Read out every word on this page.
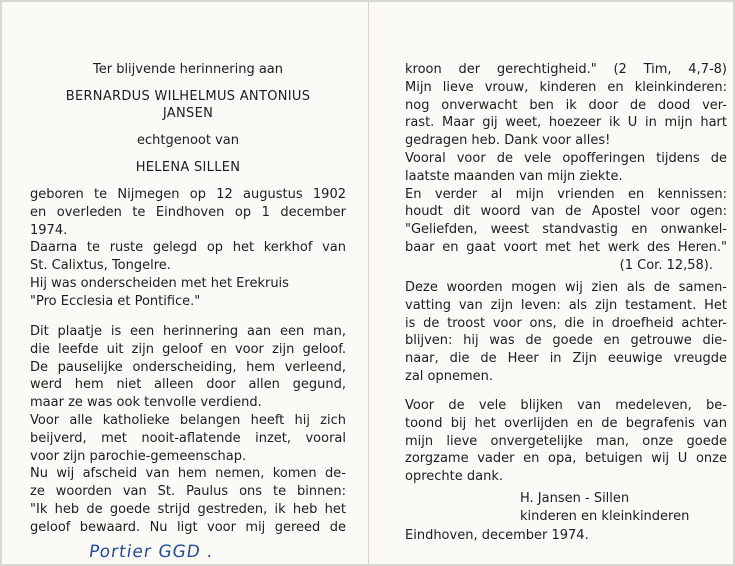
Ter blijvende herinnering aan
BERNARDUS WILHELMUS ANTONIUS
JANSEN
echtgenoot van
HELENA SILLEN
geboren te Nijmegen op 12 augustus 1902
en overleden te Eindhoven op 1 december
1974.
Daarna te ruste gelegd op het kerkhof van
St. Calixtus, Tongelre.
Hij was onderscheiden met het Erekruis
"Pro Ecclesia et Pontifice."
Dit plaatje is een herinnering aan een man,
die leefde uit zijn geloof en voor zijn geloof.
De pauselijke onderscheiding, hem verleend,
werd hem niet alleen door allen gegund,
maar ze was ook tenvolle verdiend.
Voor alle katholieke belangen heeft hij zich
beijverd, met nooit-aflatende inzet, vooral
voor zijn parochie-gemeenschap.
Nu wij afscheid van hem nemen, komen de-
ze woorden van St. Paulus ons te binnen:
"Ik heb de goede strijd gestreden, ik heb het
geloof bewaard. Nu ligt voor mij gereed de
Portier GGD .
kroon der gerechtigheid." (2 Tim, 4,7-8)
Mijn lieve vrouw, kinderen en kleinkinderen:
nog onverwacht ben ik door de dood ver-
rast. Maar gij weet, hoezeer ik U in mijn hart
gedragen heb. Dank voor alles!
Vooral voor de vele opofferingen tijdens de
laatste maanden van mijn ziekte.
En verder al mijn vrienden en kennissen:
houdt dit woord van de Apostel voor ogen:
"Geliefden, weest standvastig en onwankel-
baar en gaat voort met het werk des Heren."
(1 Cor. 12,58).
Deze woorden mogen wij zien als de samen-
vatting van zijn leven: als zijn testament. Het
is de troost voor ons, die in droefheid achter-
blijven: hij was de goede en getrouwe die-
naar, die de Heer in Zijn eeuwige vreugde
zal opnemen.
Voor de vele blijken van medeleven, be-
toond bij het overlijden en de begrafenis van
mijn lieve onvergetelijke man, onze goede
zorgzame vader en opa, betuigen wij U onze
oprechte dank.
H. Jansen - Sillen
kinderen en kleinkinderen
Eindhoven, december 1974.
